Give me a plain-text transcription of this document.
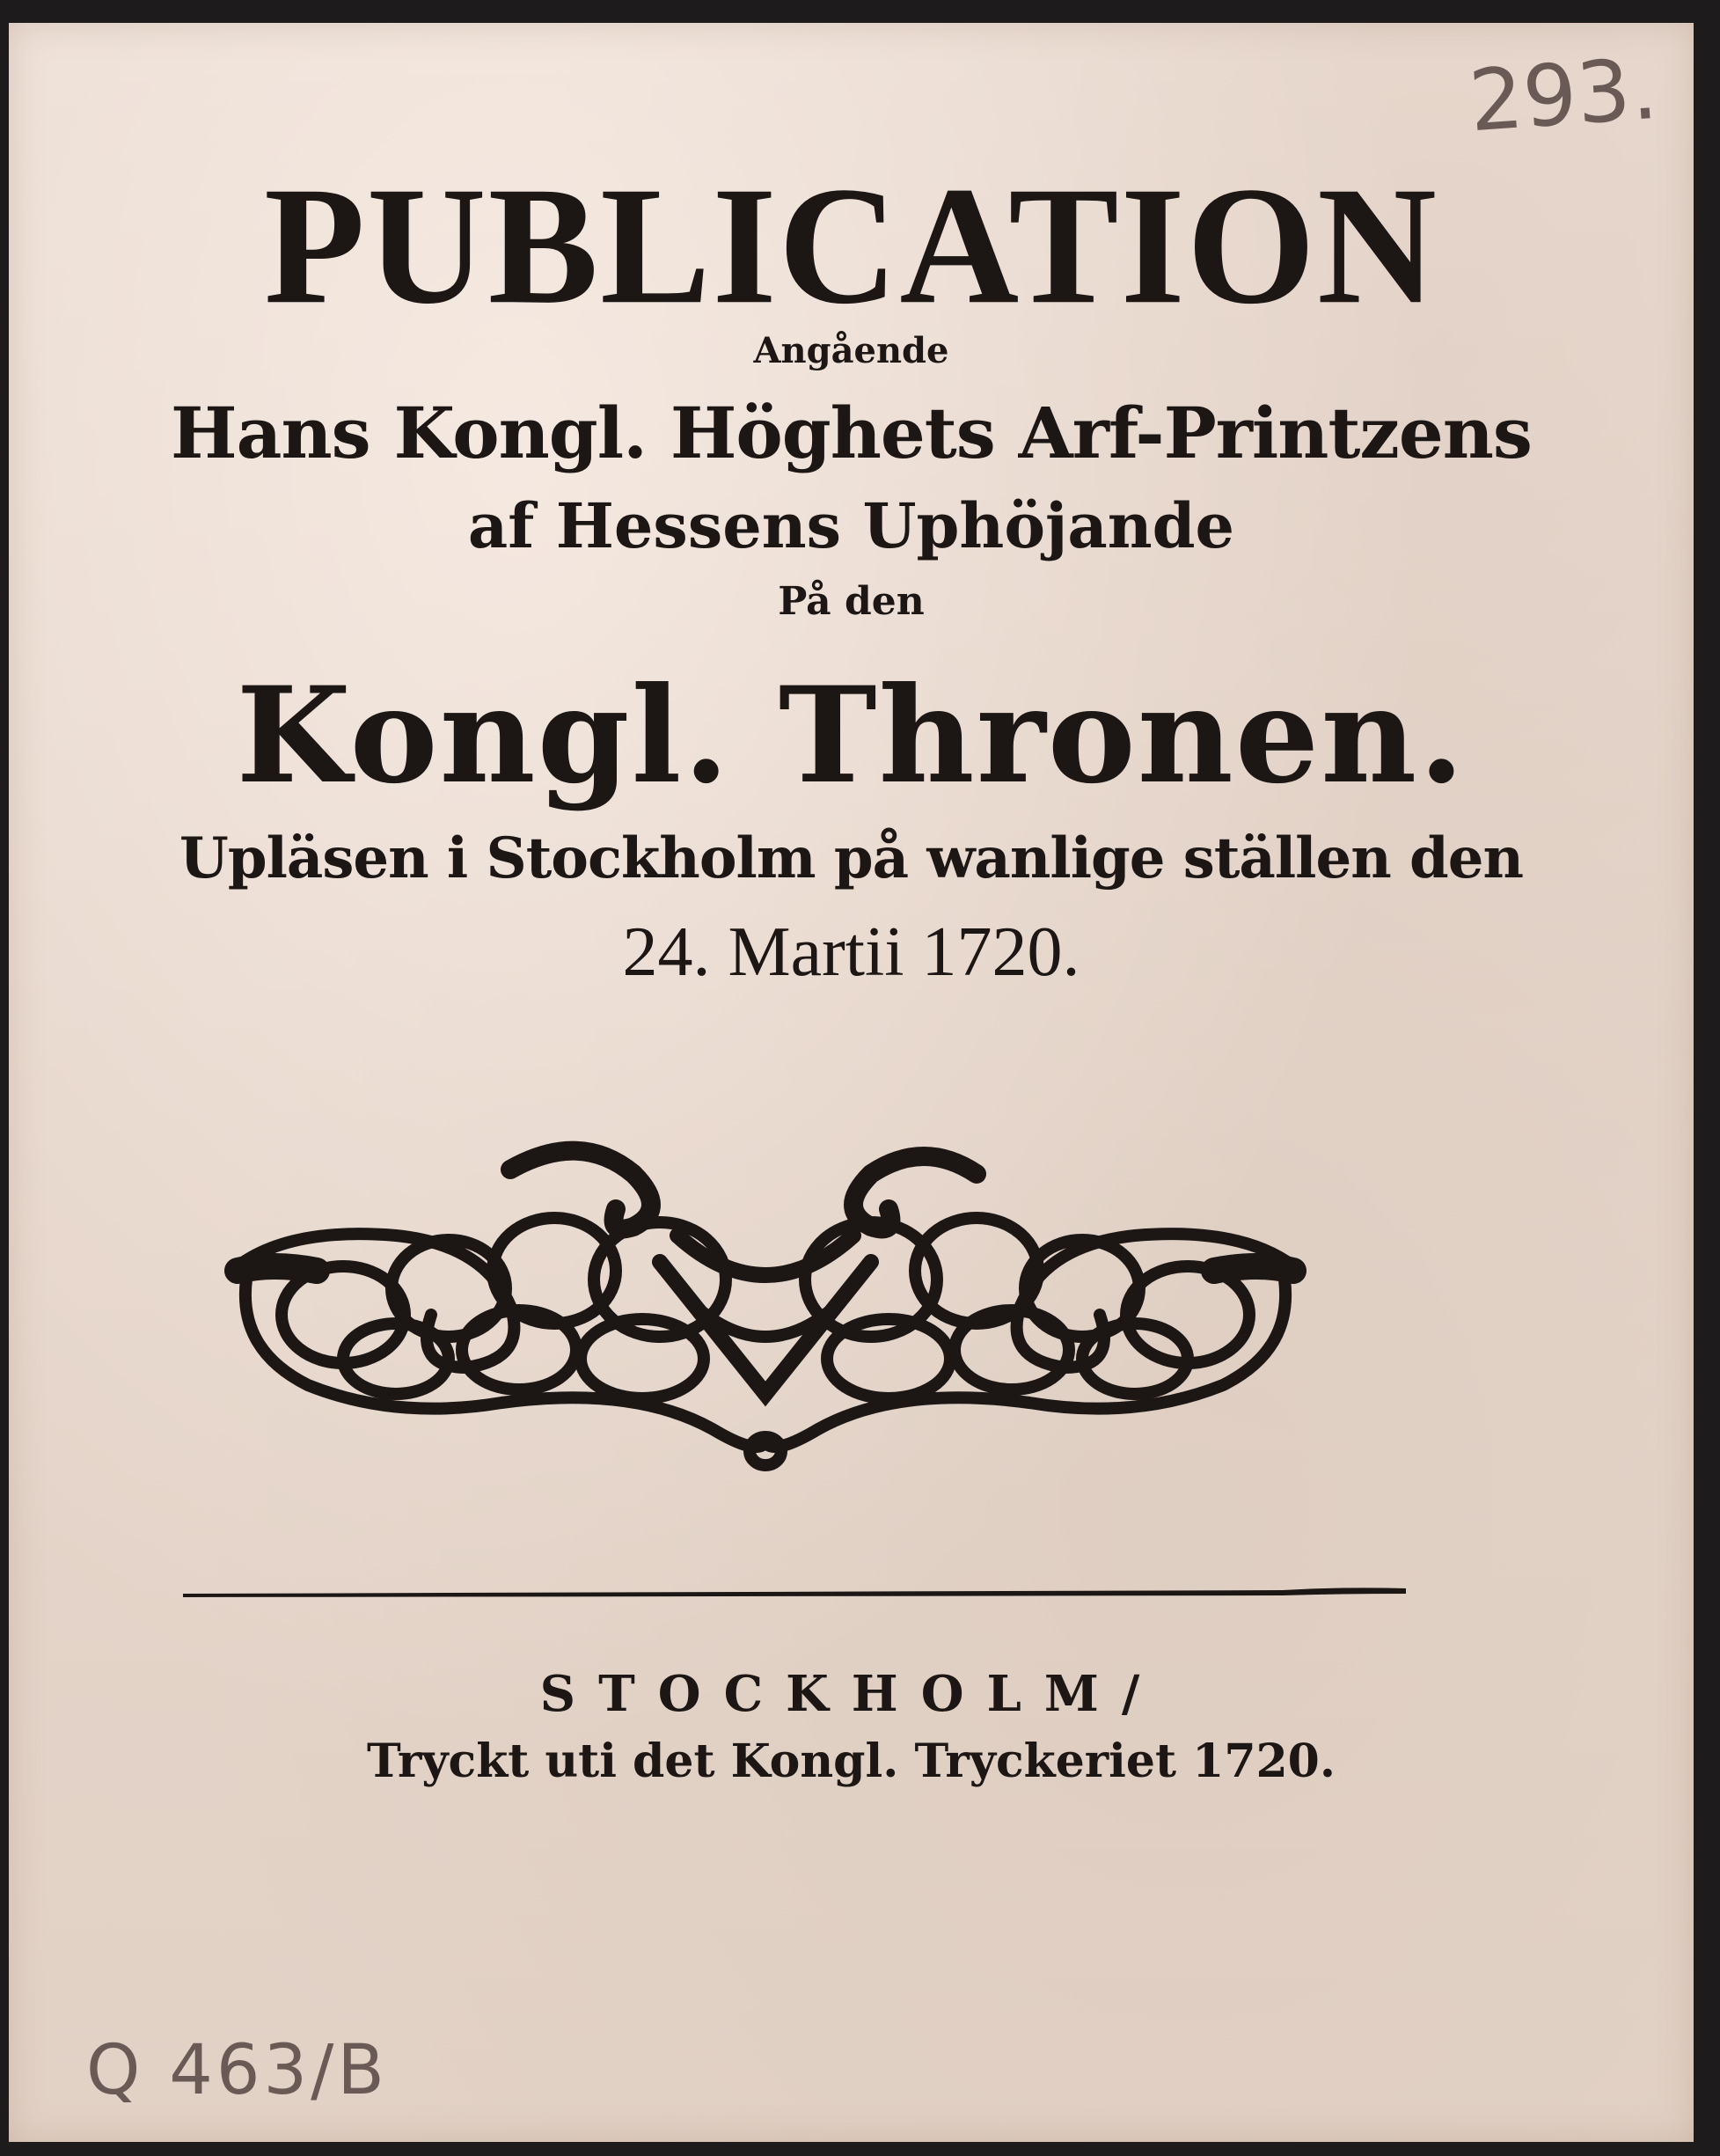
293.
PUBLICATION
Angående
Hans Kongl. Höghets Arf-Printzens
af Hessens Uphöjande
På den
Kongl. Thronen.
Upläsen i Stockholm på wanlige ställen den
24. Martii 1720.
STOCKHOLM/
Tryckt uti det Kongl. Tryckeriet 1720.
Q 463/B
